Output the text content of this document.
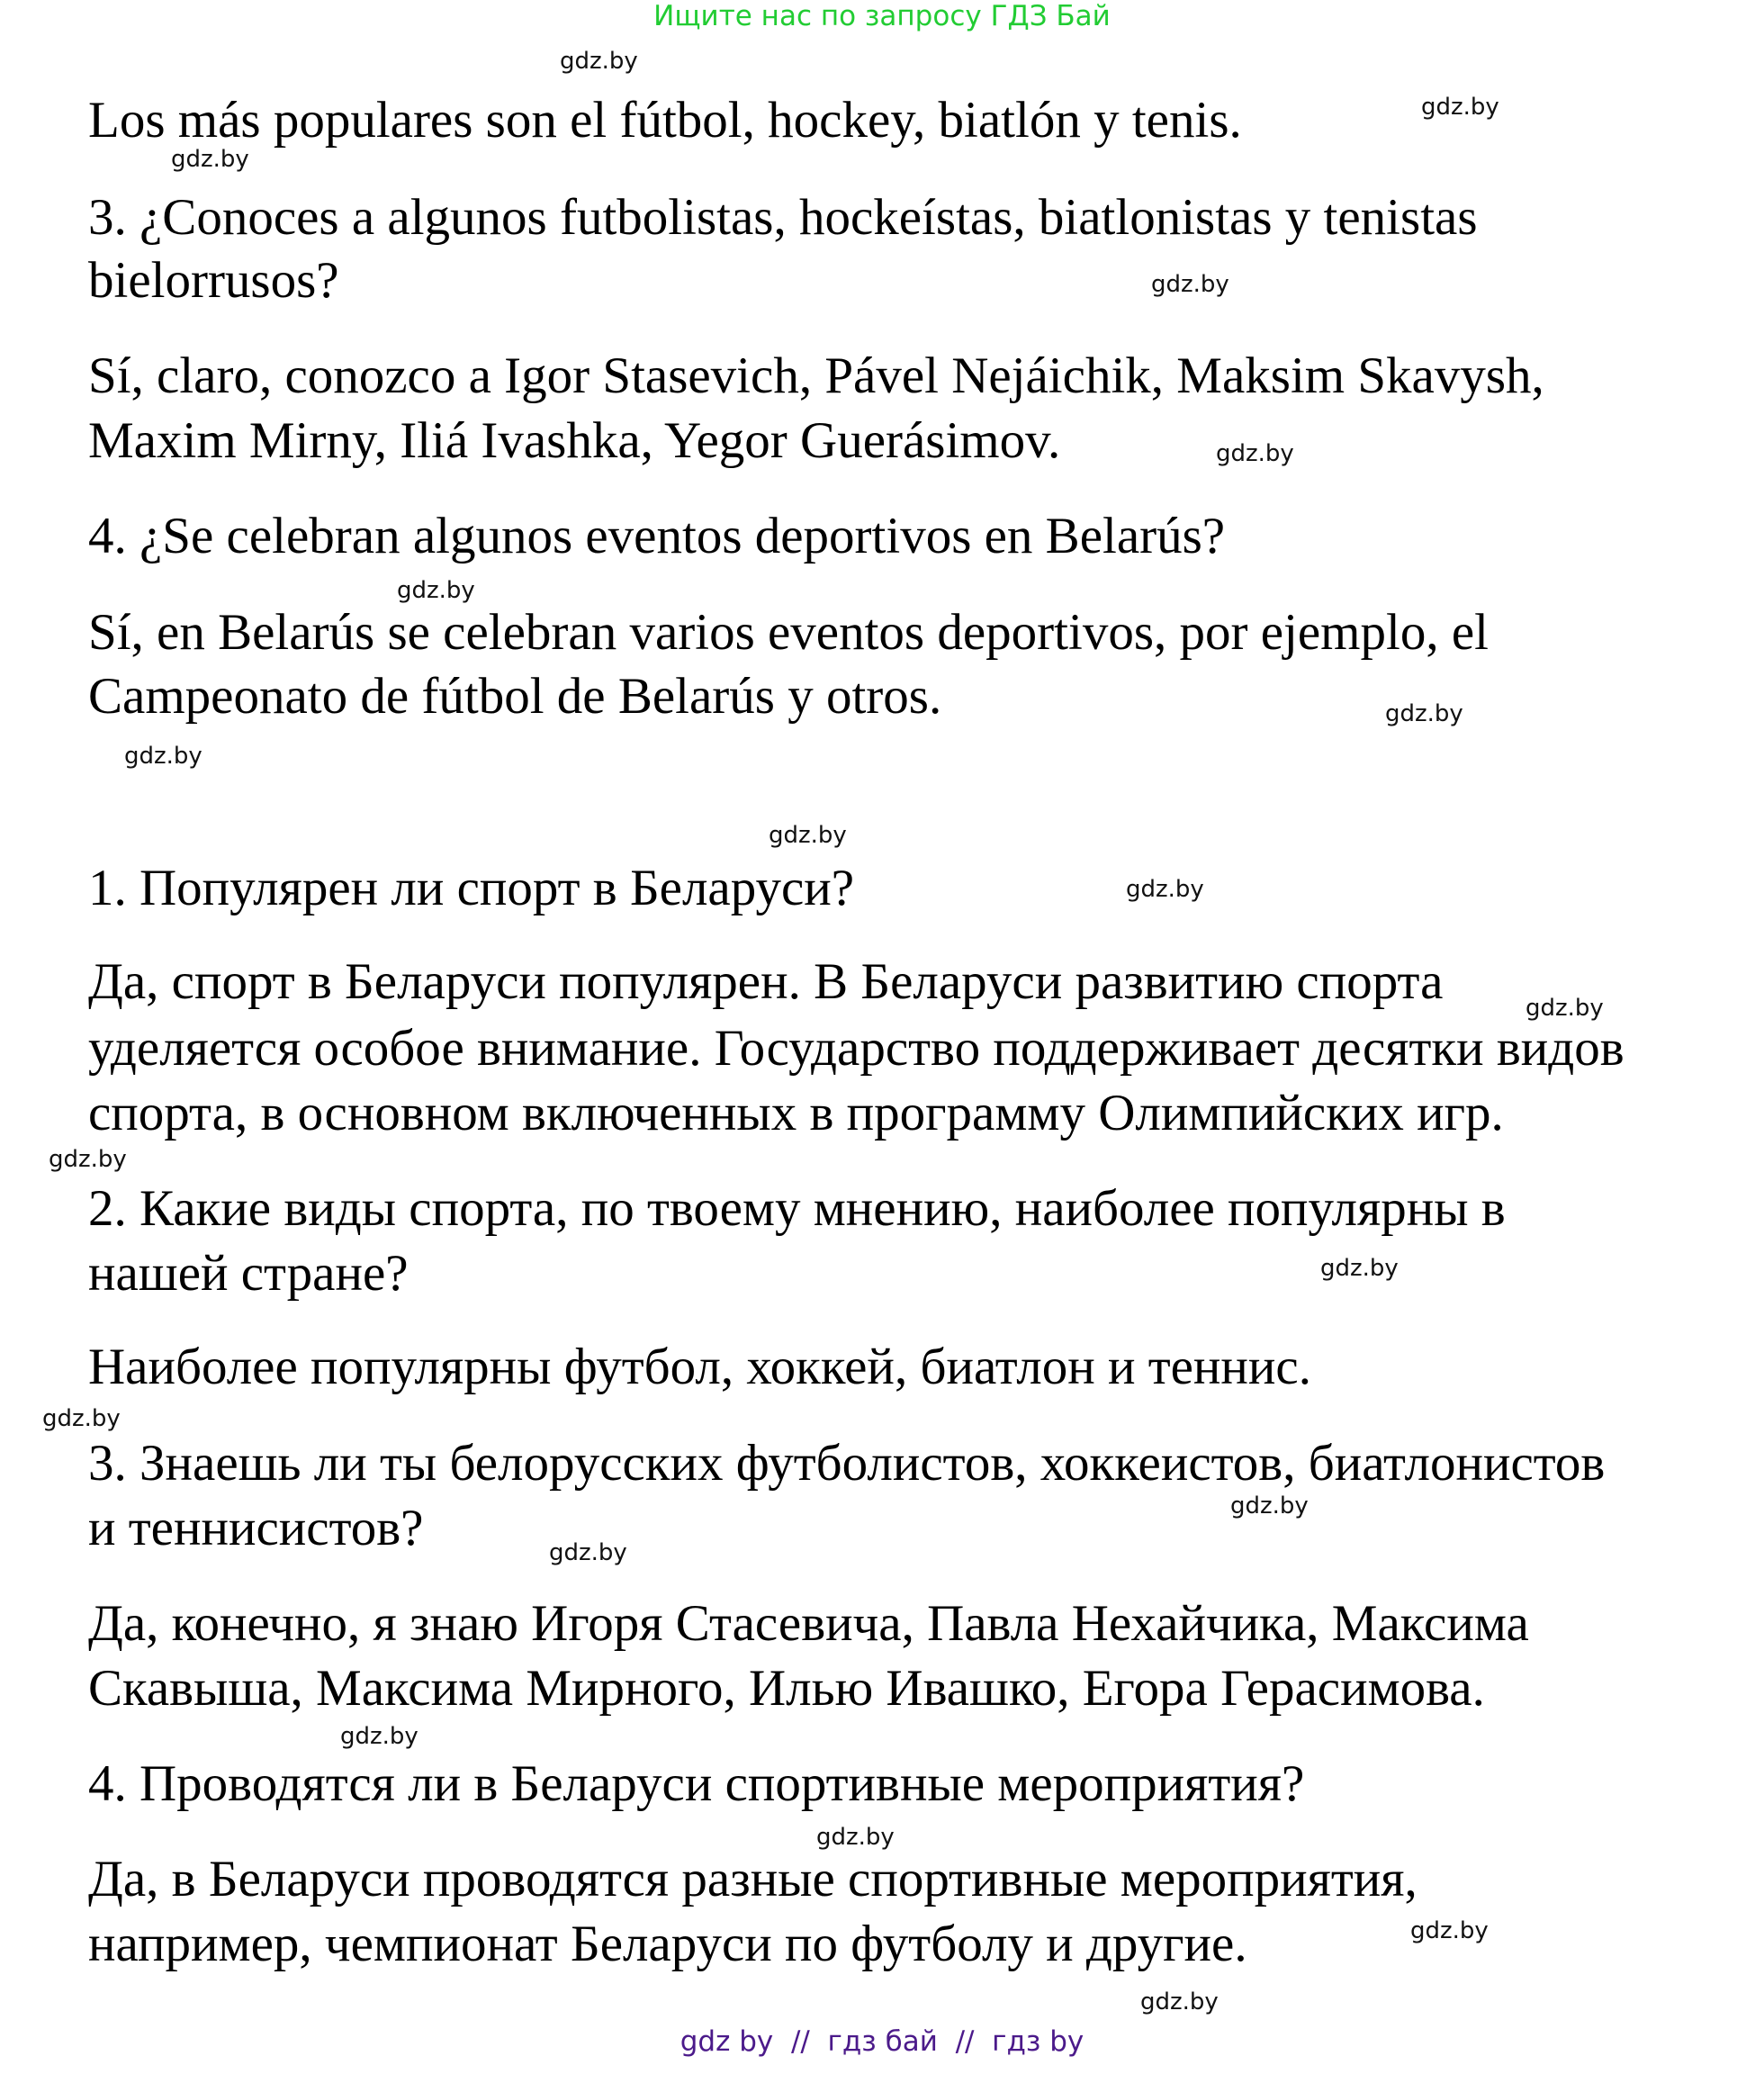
Ищите нас по запросу ГДЗ Бай
Los más populares son el fútbol, hockey, biatlón y tenis.
3. ¿Conoces a algunos futbolistas, hockeístas, biatlonistas y tenistas
bielorrusos?
Sí, claro, conozco a Igor Stasevich, Pável Nejáichik, Maksim Skavysh,
Maxim Mirny, Iliá Ivashka, Yegor Guerásimov.
4. ¿Se celebran algunos eventos deportivos en Belarús?
Sí, en Belarús se celebran varios eventos deportivos, por ejemplo, el
Campeonato de fútbol de Belarús y otros.
1. Популярен ли спорт в Беларуси?
Да, спорт в Беларуси популярен. В Беларуси развитию спорта
уделяется особое внимание. Государство поддерживает десятки видов
спорта, в основном включенных в программу Олимпийских игр.
2. Какие виды спорта, по твоему мнению, наиболее популярны в
нашей стране?
Наиболее популярны футбол, хоккей, биатлон и теннис.
3. Знаешь ли ты белорусских футболистов, хоккеистов, биатлонистов
и теннисистов?
Да, конечно, я знаю Игоря Стасевича, Павла Нехайчика, Максима
Скавыша, Максима Мирного, Илью Ивашко, Егора Герасимова.
4. Проводятся ли в Беларуси спортивные мероприятия?
Да, в Беларуси проводятся разные спортивные мероприятия,
например, чемпионат Беларуси по футболу и другие.
gdz.by
gdz.by
gdz.by
gdz.by
gdz.by
gdz.by
gdz.by
gdz.by
gdz.by
gdz.by
gdz.by
gdz.by
gdz.by
gdz.by
gdz.by
gdz.by
gdz.by
gdz.by
gdz.by
gdz.by
gdz by  //  гдз бай  //  гдз by
